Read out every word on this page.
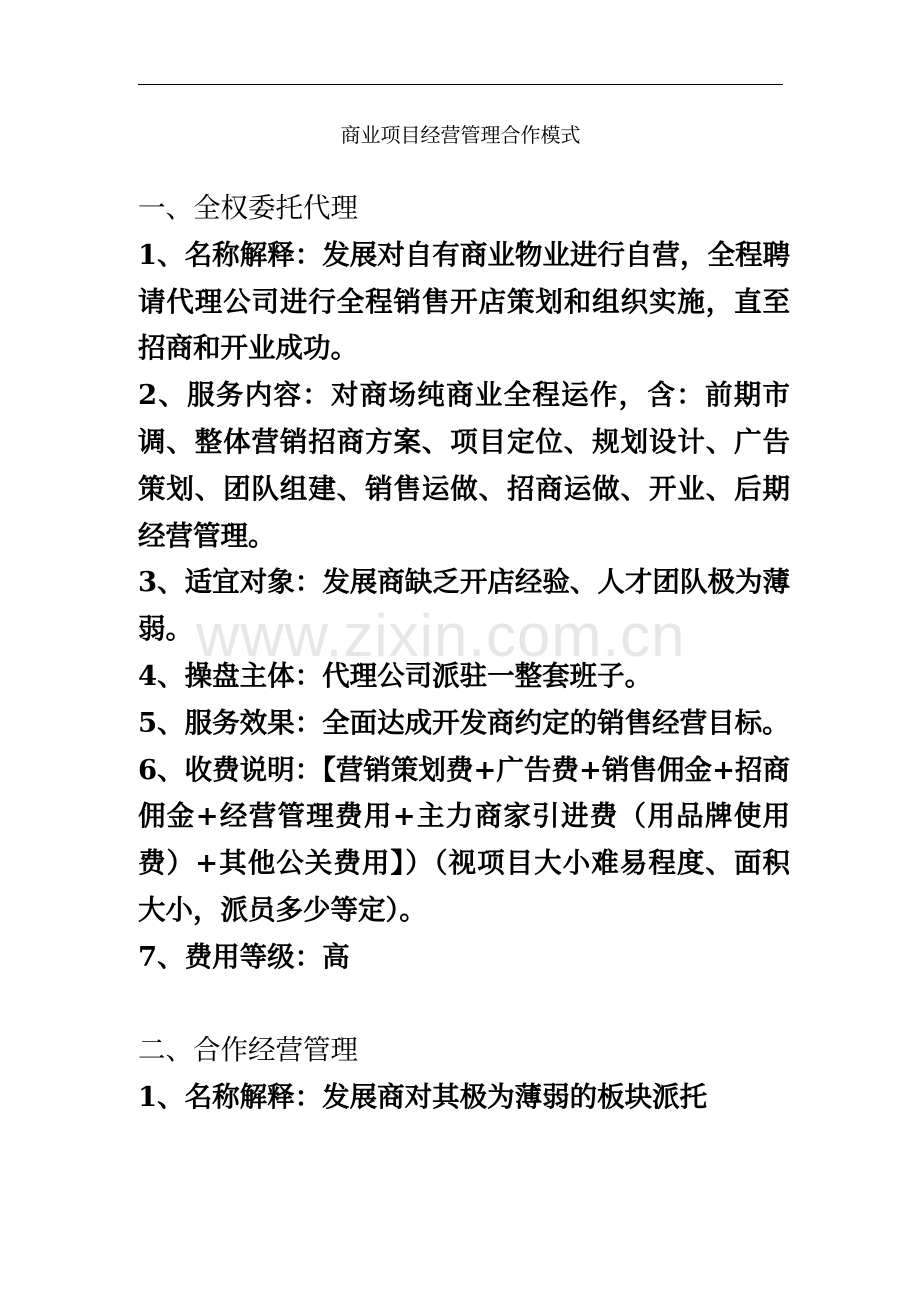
商业项目经营管理合作模式

一、全权委托代理

1、名称解释：发展对自有商业物业进行自营，全程聘请代理公司进行全程销售开店策划和组织实施，直至招商和开业成功。

2、服务内容：对商场纯商业全程运作，含：前期市调、整体营销招商方案、项目定位、规划设计、广告策划、团队组建、销售运做、招商运做、开业、后期经营管理。

3、适宜对象：发展商缺乏开店经验、人才团队极为薄弱。

4、操盘主体：代理公司派驻一整套班子。

5、服务效果：全面达成开发商约定的销售经营目标。

6、收费说明：【营销策划费+广告费+销售佣金+招商佣金+经营管理费用+主力商家引进费（用品牌使用费）+其他公关费用】）（视项目大小难易程度、面积大小，派员多少等定）。

7、费用等级：高

二、合作经营管理

1、名称解释：发展商对其极为薄弱的板块派托

www.zixin.com.cn
